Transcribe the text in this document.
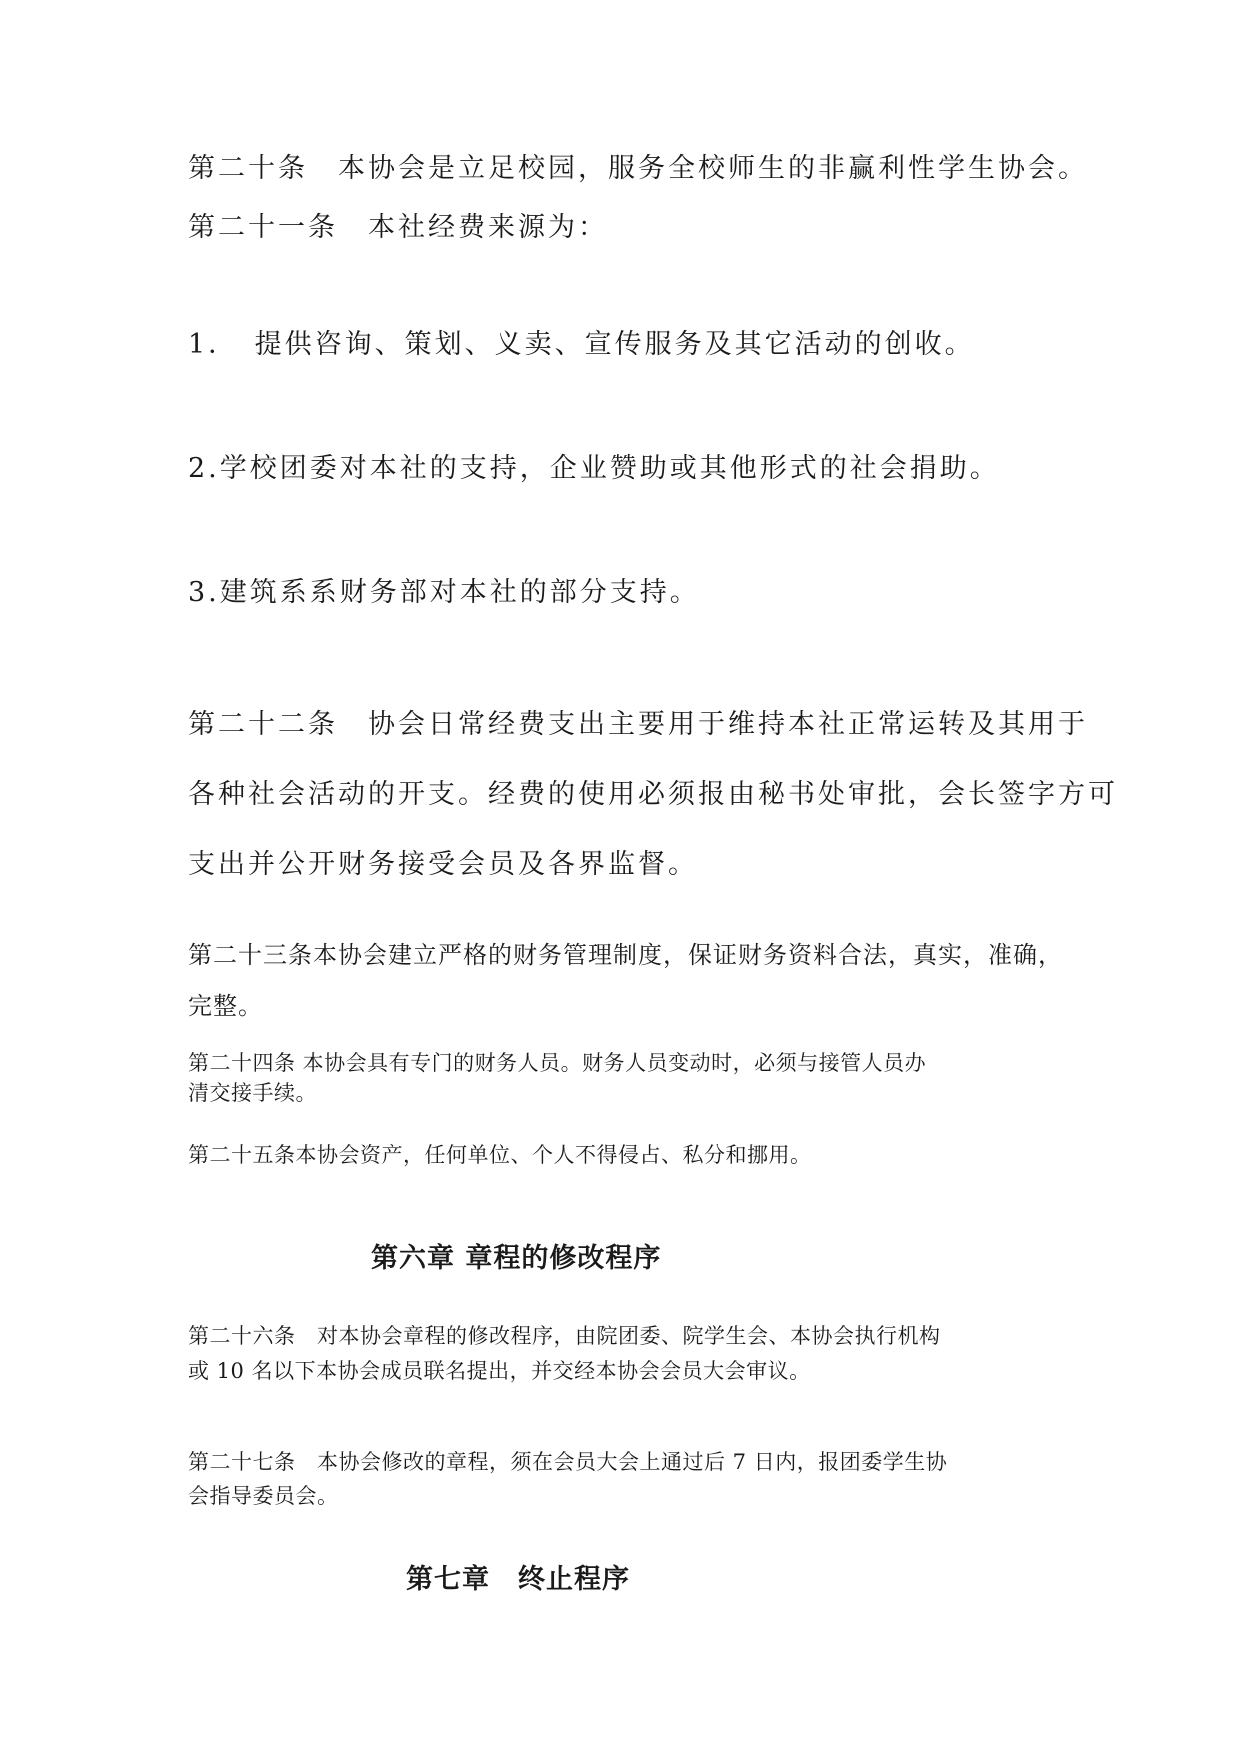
第二十条　本协会是立足校园，服务全校师生的非赢利性学生协会。

第二十一条　本社经费来源为：

1．　提供咨询、策划、义卖、宣传服务及其它活动的创收。

2.学校团委对本社的支持，企业赞助或其他形式的社会捐助。

3.建筑系系财务部对本社的部分支持。

第二十二条　协会日常经费支出主要用于维持本社正常运转及其用于

各种社会活动的开支。经费的使用必须报由秘书处审批，会长签字方可

支出并公开财务接受会员及各界监督。

第二十三条本协会建立严格的财务管理制度，保证财务资料合法，真实，准确，

完整。

第二十四条 本协会具有专门的财务人员。财务人员变动时，必须与接管人员办

清交接手续。

第二十五条本协会资产，任何单位、个人不得侵占、私分和挪用。

第六章 章程的修改程序

第二十六条　对本协会章程的修改程序，由院团委、院学生会、本协会执行机构

或 10 名以下本协会成员联名提出，并交经本协会会员大会审议。

第二十七条　本协会修改的章程，须在会员大会上通过后 7 日内，报团委学生协

会指导委员会。

第七章　终止程序
